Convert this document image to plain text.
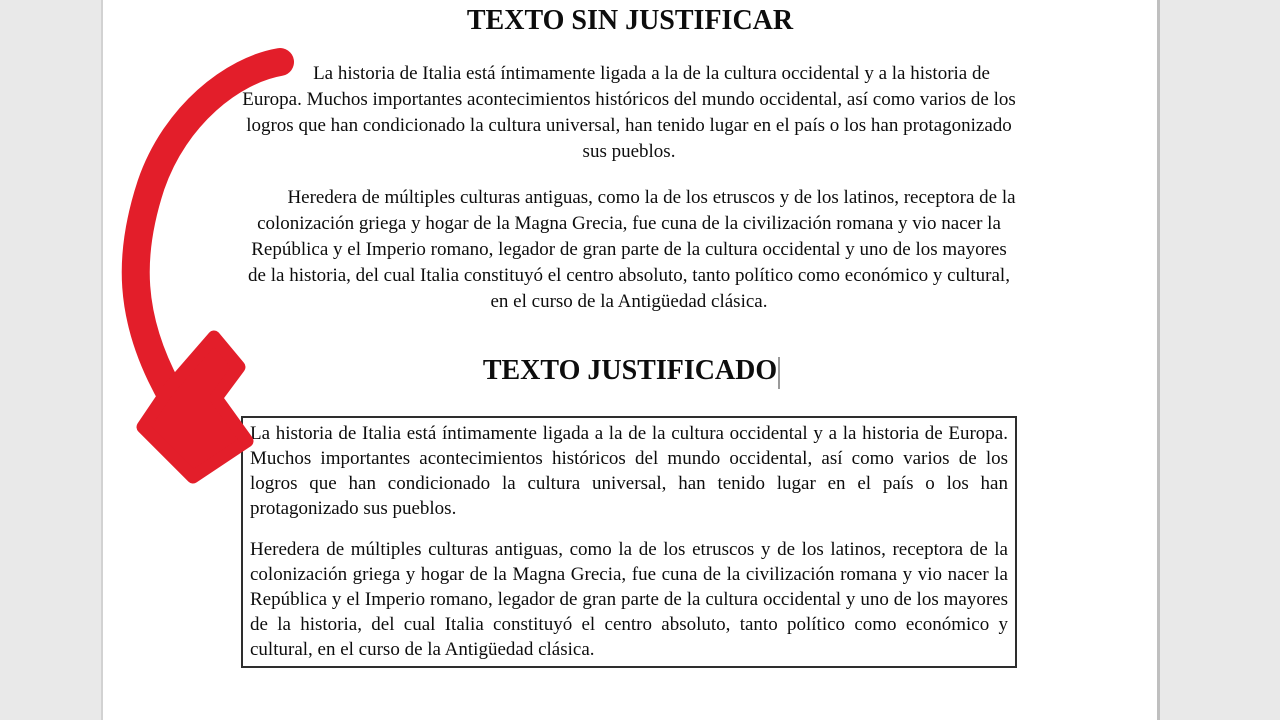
TEXTO SIN JUSTIFICAR

La historia de Italia está íntimamente ligada a la de la cultura occidental y a la historia de Europa. Muchos importantes acontecimientos históricos del mundo occidental, así como varios de los logros que han condicionado la cultura universal, han tenido lugar en el país o los han protagonizado sus pueblos.

Heredera de múltiples culturas antiguas, como la de los etruscos y de los latinos, receptora de la colonización griega y hogar de la Magna Grecia, fue cuna de la civilización romana y vio nacer la República y el Imperio romano, legador de gran parte de la cultura occidental y uno de los mayores de la historia, del cual Italia constituyó el centro absoluto, tanto político como económico y cultural, en el curso de la Antigüedad clásica.

TEXTO JUSTIFICADO

La historia de Italia está íntimamente ligada a la de la cultura occidental y a la historia de Europa. Muchos importantes acontecimientos históricos del mundo occidental, así como varios de los logros que han condicionado la cultura universal, han tenido lugar en el país o los han protagonizado sus pueblos.

Heredera de múltiples culturas antiguas, como la de los etruscos y de los latinos, receptora de la colonización griega y hogar de la Magna Grecia, fue cuna de la civilización romana y vio nacer la República y el Imperio romano, legador de gran parte de la cultura occidental y uno de los mayores de la historia, del cual Italia constituyó el centro absoluto, tanto político como económico y cultural, en el curso de la Antigüedad clásica.
